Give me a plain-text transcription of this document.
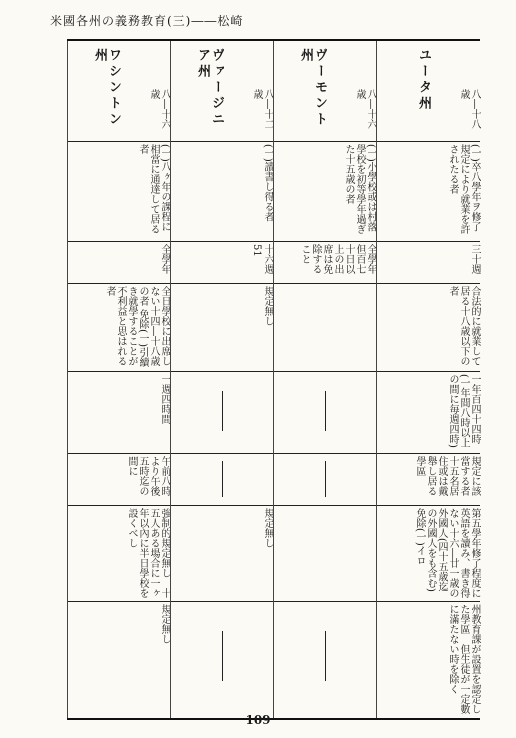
米國各州の義務教育(三)――松崎
ワシントン州
八―十六歳
(一)八ヶ年の課程に相當に通達して居る者
全學年
全日學校に出席しない十四―十八歳の者 免除(一)引續き就學することが不利益と思はれる者
一週四時間
午前八時より午後五時迄の間に
強制的規定無し　十五人ある場合に一ヶ年以內に半日學校を設くべし
規定無し
ヴァージニア州
八―十二歳
(一)讀書し得る者
十六週51
規定無し
規定無し
ヴーモント州
八―十六歳
(一)小學校或は村落學校を初等學年過ぎた十五歳の者
全學年但百七十日以上の出席は免除すること
ユータ州	八―十八歳
(一)卒八學年ヲ修了規定により就業を許されたる者
三十週
合法的に就業して居る十八歳以下の者
一年百四十四時(一年間八時以上の間に毎週四時)
規定に該當する者十五名居住或は戴舉し居る學區
第五學年修了程度に英語を讀み、書き得ない十六―廿一歳の外國人(四十五歳迄の外國人をも含む)免除(一)イロ
州教育課が設置を認定した學區　但生徒が一定數に滿たない時を除く
109
